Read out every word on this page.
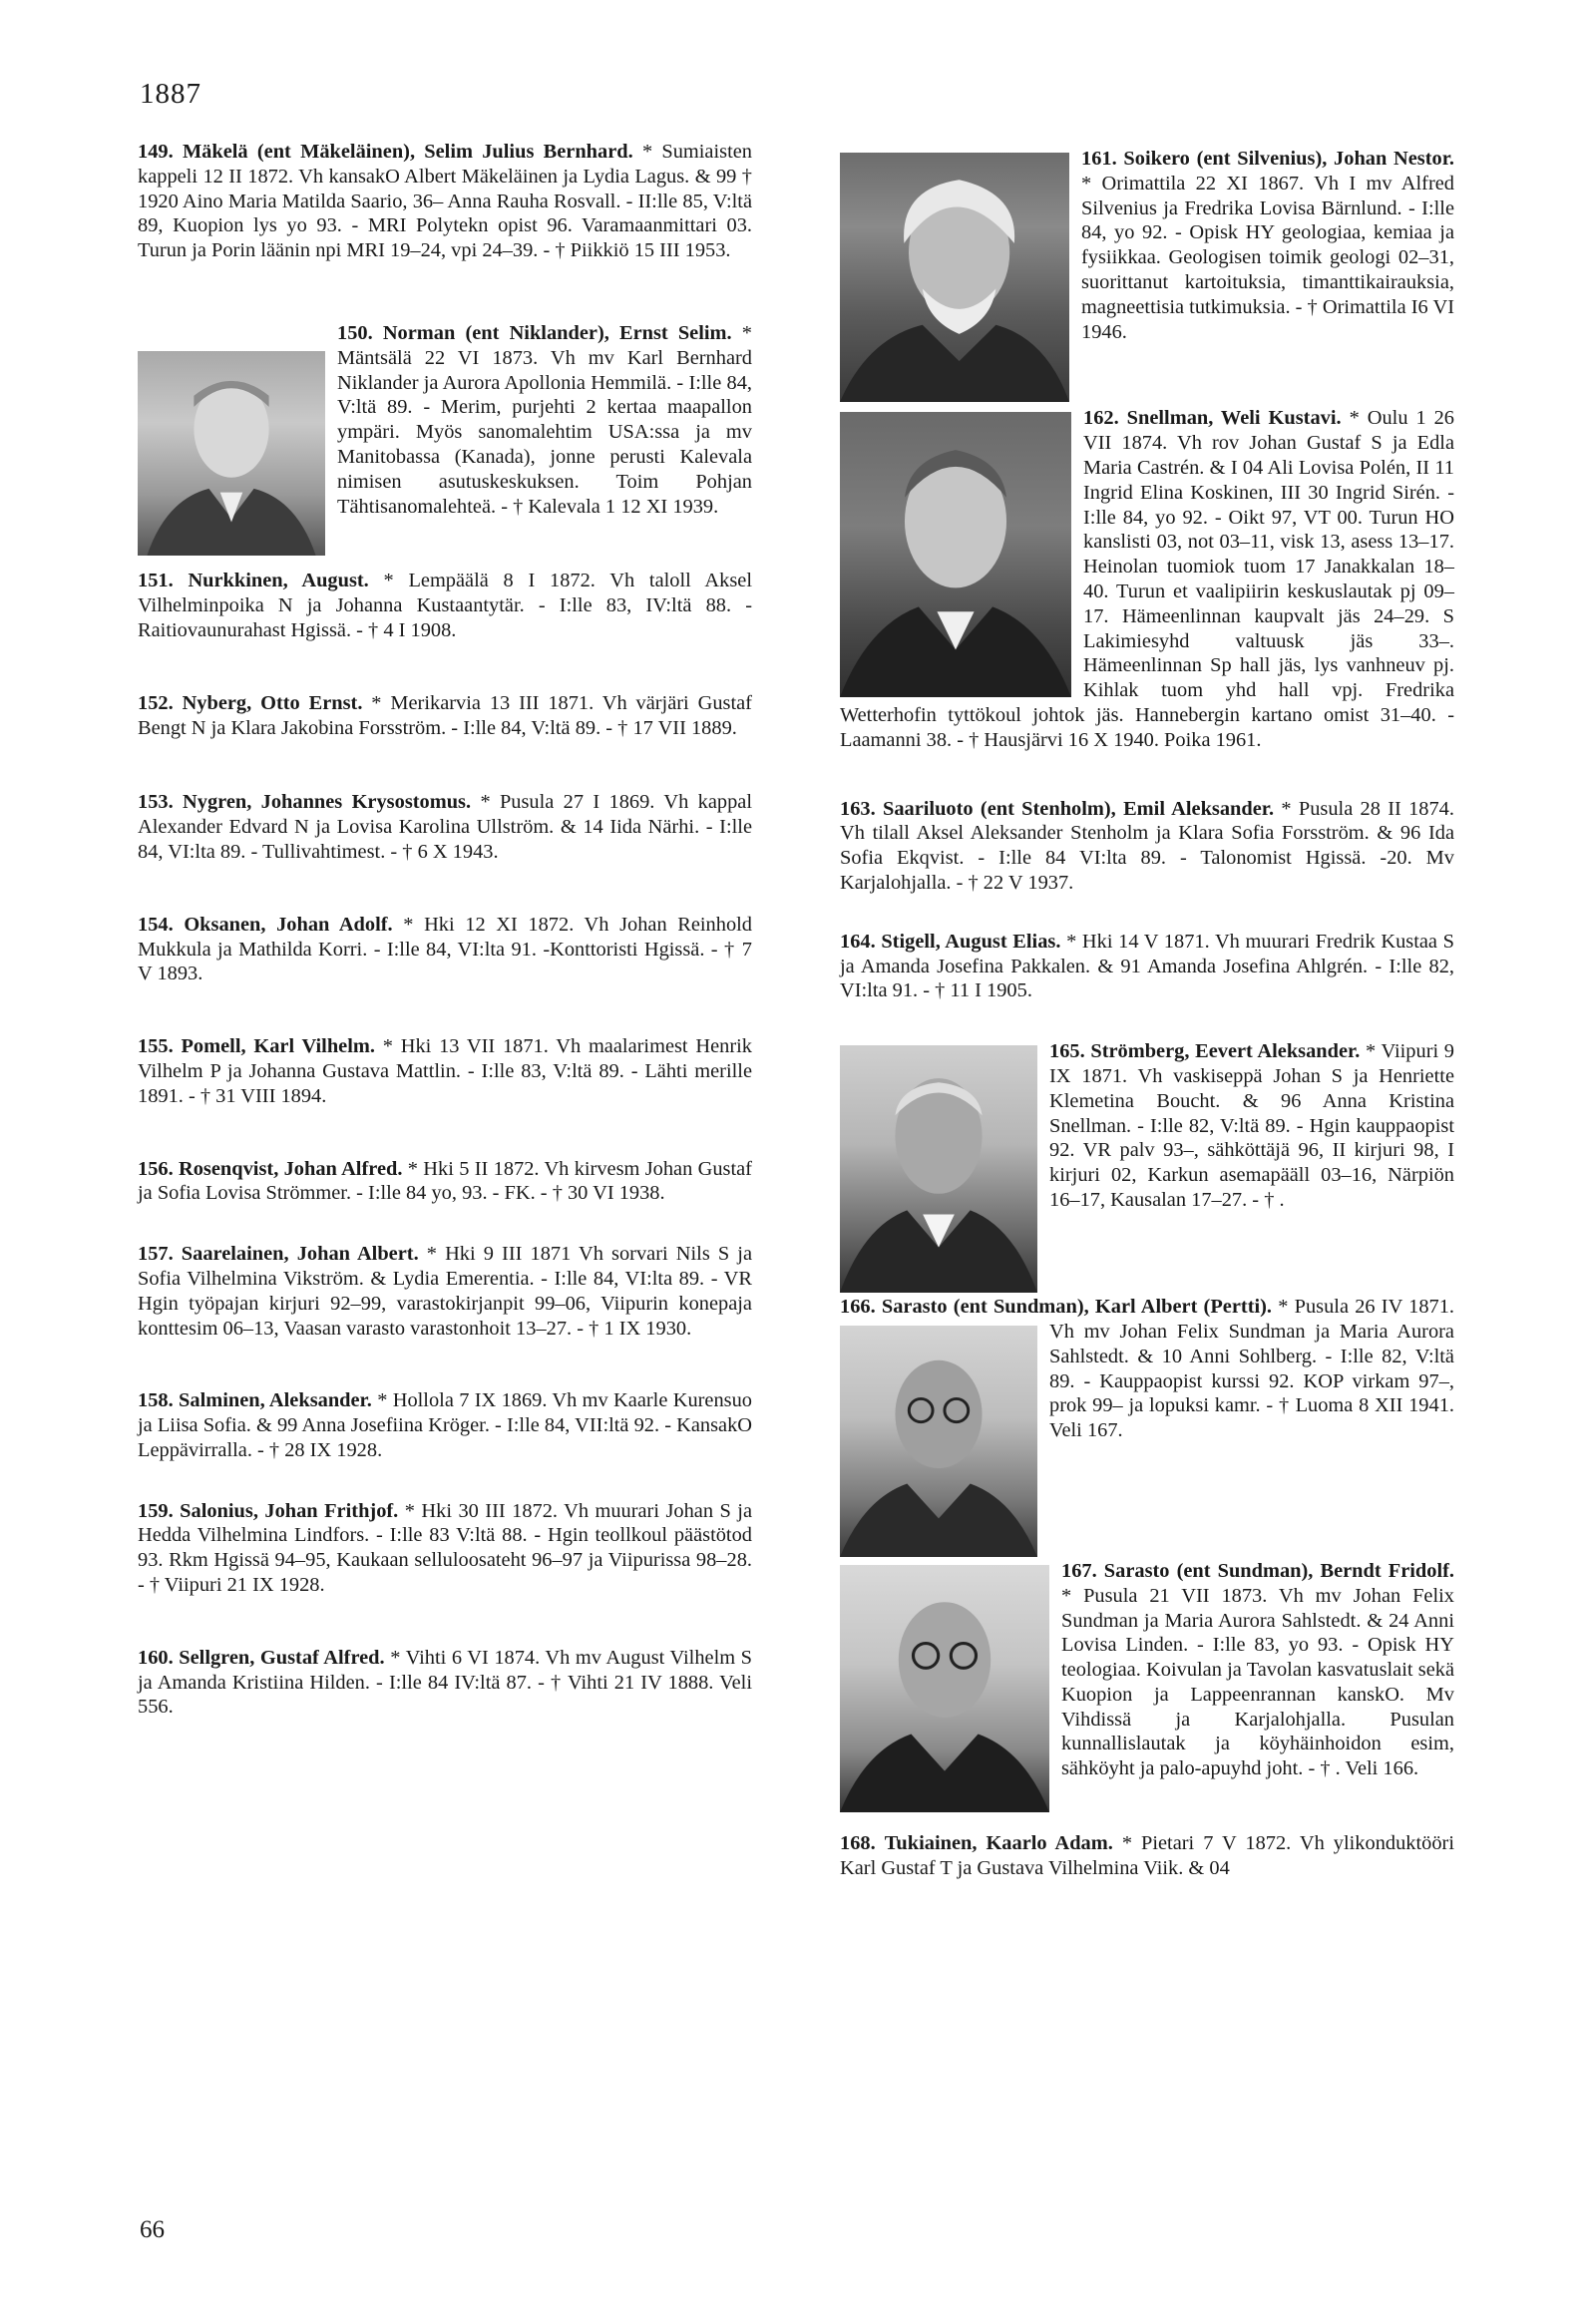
1887

149. Mäkelä (ent Mäkeläinen), Selim Julius Bernhard. * Sumiaisten kappeli 12 II 1872. Vh kansakO Albert Mäkeläinen ja Lydia Lagus. & 99 † 1920 Aino Maria Matilda Saario, 36– Anna Rauha Rosvall. - II:lle 85, V:ltä 89, Kuopion lys yo 93. - MRI Polytekn opist 96. Varamaanmittari 03. Turun ja Porin läänin npi MRI 19–24, vpi 24–39. - † Piikkiö 15 III 1953.

150. Norman (ent Niklander), Ernst Selim. * Mäntsälä 22 VI 1873. Vh mv Karl Bernhard Niklander ja Aurora Apollonia Hemmilä. - I:lle 84, V:ltä 89. - Merim, purjehti 2 kertaa maapallon ympäri. Myös sanomalehtim USA:ssa ja mv Manitobassa (Kanada), jonne perusti Kalevala nimisen asutuskeskuksen. Toim Pohjan Tähtisanomalehteä. - † Kalevala 1 12 XI 1939.

151. Nurkkinen, August. * Lempäälä 8 I 1872. Vh taloll Aksel Vilhelminpoika N ja Johanna Kustaantytär. - I:lle 83, IV:ltä 88. - Raitiovaunurahast Hgissä. - † 4 I 1908.

152. Nyberg, Otto Ernst. * Merikarvia 13 III 1871. Vh värjäri Gustaf Bengt N ja Klara Jakobina Forsström. - I:lle 84, V:ltä 89. - † 17 VII 1889.

153. Nygren, Johannes Krysostomus. * Pusula 27 I 1869. Vh kappal Alexander Edvard N ja Lovisa Karolina Ullström. & 14 Iida Närhi. - I:lle 84, VI:lta 89. - Tullivahtimest. - † 6 X 1943.

154. Oksanen, Johan Adolf. * Hki 12 XI 1872. Vh Johan Reinhold Mukkula ja Mathilda Korri. - I:lle 84, VI:lta 91. -Konttoristi Hgissä. - † 7 V 1893.

155. Pomell, Karl Vilhelm. * Hki 13 VII 1871. Vh maalarimest Henrik Vilhelm P ja Johanna Gustava Mattlin. - I:lle 83, V:ltä 89. - Lähti merille 1891. - † 31 VIII 1894.

156. Rosenqvist, Johan Alfred. * Hki 5 II 1872. Vh kirvesm Johan Gustaf ja Sofia Lovisa Strömmer. - I:lle 84 yo, 93. - FK. - † 30 VI 1938.

157. Saarelainen, Johan Albert. * Hki 9 III 1871 Vh sorvari Nils S ja Sofia Vilhelmina Vikström. & Lydia Emerentia. - I:lle 84, VI:lta 89. - VR Hgin työpajan kirjuri 92–99, varastokirjanpit 99–06, Viipurin konepaja konttesim 06–13, Vaasan varasto varastonhoit 13–27. - † 1 IX 1930.

158. Salminen, Aleksander. * Hollola 7 IX 1869. Vh mv Kaarle Kurensuo ja Liisa Sofia. & 99 Anna Josefiina Kröger. - I:lle 84, VII:ltä 92. - KansakO Leppävirralla. - † 28 IX 1928.

159. Salonius, Johan Frithjof. * Hki 30 III 1872. Vh muurari Johan S ja Hedda Vilhelmina Lindfors. - I:lle 83 V:ltä 88. - Hgin teollkoul päästötod 93. Rkm Hgissä 94–95, Kaukaan selluloosateht 96–97 ja Viipurissa 98–28. - † Viipuri 21 IX 1928.

160. Sellgren, Gustaf Alfred. * Vihti 6 VI 1874. Vh mv August Vilhelm S ja Amanda Kristiina Hilden. - I:lle 84 IV:ltä 87. - † Vihti 21 IV 1888. Veli 556.

161. Soikero (ent Silvenius), Johan Nestor.
* Orimattila 22 XI 1867. Vh I mv Alfred Silvenius ja Fredrika Lovisa Bärnlund. - I:lle 84, yo 92. - Opisk HY geologiaa, kemiaa ja fysiikkaa. Geologisen toimik geologi 02–31, suorittanut kartoituksia, timanttikairauksia, magneettisia tutkimuksia. - † Orimattila I6 VI 1946.

162. Snellman, Weli Kustavi. * Oulu 1 26 VII 1874. Vh rov Johan Gustaf S ja Edla Maria Castrén. & I 04 Ali Lovisa Polén, II 11 Ingrid Elina Koskinen, III 30 Ingrid Sirén. - I:lle 84, yo 92. - Oikt 97, VT 00. Turun HO kanslisti 03, not 03–11, visk 13, asess 13–17. Heinolan tuomiok tuom 17 Janakkalan 18–40. Turun et vaalipiirin keskuslautak pj 09–17. Hämeenlinnan kaupvalt jäs 24–29. S Lakimiesyhd valtuusk jäs 33–. Hämeenlinnan Sp hall jäs, lys vanhneuv pj. Kihlak tuom yhd hall vpj. Fredrika Wetterhofin tyttökoul johtok jäs. Hannebergin kartano omist 31–40. - Laamanni 38. - † Hausjärvi 16 X 1940. Poika 1961.

163. Saariluoto (ent Stenholm), Emil Aleksander. * Pusula 28 II 1874. Vh tilall Aksel Aleksander Stenholm ja Klara Sofia Forsström. & 96 Ida Sofia Ekqvist. - I:lle 84 VI:lta 89. - Talonomist Hgissä. -20. Mv Karjalohjalla. - † 22 V 1937.

164. Stigell, August Elias. * Hki 14 V 1871. Vh muurari Fredrik Kustaa S ja Amanda Josefina Pakkalen. & 91 Amanda Josefina Ahlgrén. - I:lle 82, VI:lta 91. - † 11 I 1905.

165. Strömberg, Eevert Aleksander. * Viipuri 9 IX 1871. Vh vaskiseppä Johan S ja Henriette Klemetina Boucht. & 96 Anna Kristina Snellman. - I:lle 82, V:ltä 89. - Hgin kauppaopist 92. VR palv 93–, sähköttäjä 96, II kirjuri 98, I kirjuri 02, Karkun asemapääll 03–16, Närpiön 16–17, Kausalan 17–27. - † .

166. Sarasto (ent Sundman), Karl Albert (Pertti). * Pusula 26 IV 1871. Vh mv Johan Felix Sundman ja Maria Aurora Sahlstedt. & 10 Anni Sohlberg. - I:lle 82, V:ltä 89. - Kauppaopist kurssi 92. KOP virkam 97–, prok 99– ja lopuksi kamr. - † Luoma 8 XII 1941. Veli 167.

167. Sarasto (ent Sundman), Berndt Fridolf.
* Pusula 21 VII 1873. Vh mv Johan Felix Sundman ja Maria Aurora Sahlstedt. & 24 Anni Lovisa Linden. - I:lle 83, yo 93. - Opisk HY teologiaa. Koivulan ja Tavolan kasvatuslait sekä Kuopion ja Lappeenrannan kanskO. Mv Vihdissä ja Karjalohjalla. Pusulan kunnallislautak ja köyhäinhoidon esim, sähköyht ja palo-apuyhd joht. - † . Veli 166.

168. Tukiainen, Kaarlo Adam. * Pietari 7 V 1872. Vh ylikonduktööri Karl Gustaf T ja Gustava Vilhelmina Viik. & 04

66
